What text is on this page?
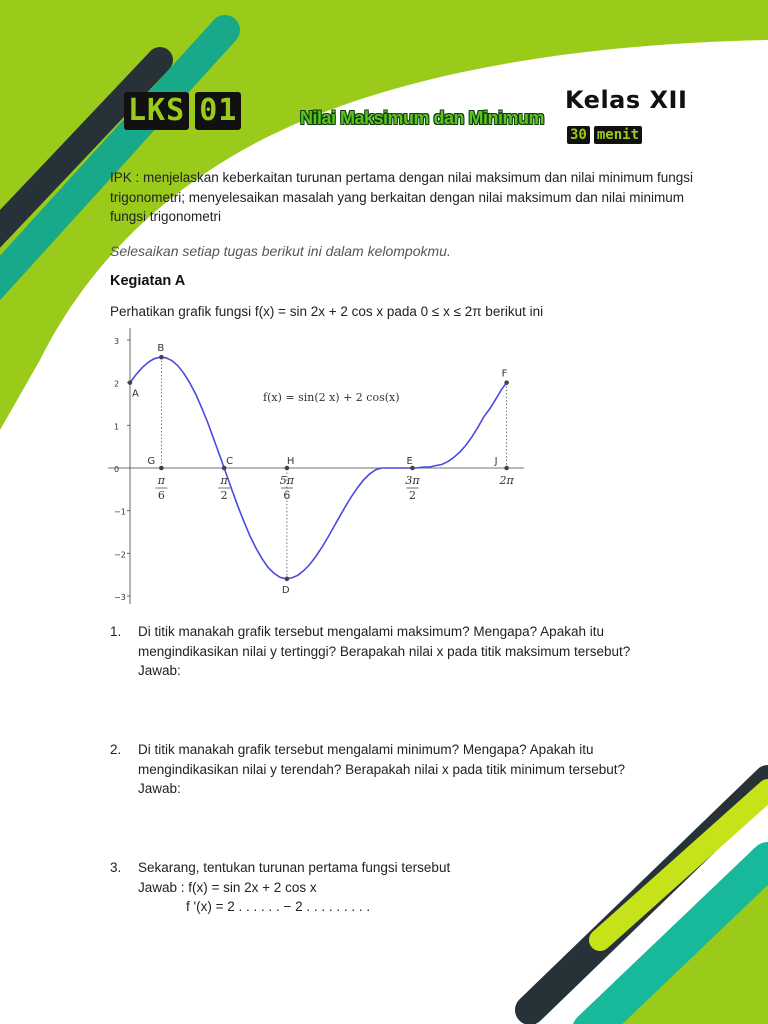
LKS 01	Nilai Maksimum dan Minimum
Kelas XII
30 menit
IPK : menjelaskan keberkaitan turunan pertama dengan nilai maksimum dan nilai minimum fungsi trigonometri; menyelesaikan masalah yang berkaitan dengan nilai maksimum dan nilai minimum fungsi trigonometri
Selesaikan setiap tugas berikut ini dalam kelompokmu.
Kegiatan A
Perhatikan grafik fungsi f(x) = sin 2x + 2 cos x pada 0 ≤ x ≤ 2π berikut ini
3
2
1
0
−1
−2
−3
A
B
C
D
E
F
G	H	J
π
6
π
2
5π
6
3π
2
2π
f(x) = sin(2 x) + 2 cos(x)
1. Di titik manakah grafik tersebut mengalami maksimum? Mengapa? Apakah itu
mengindikasikan nilai y tertinggi? Berapakah nilai x pada titik maksimum tersebut?
Jawab:
2. Di titik manakah grafik tersebut mengalami minimum? Mengapa? Apakah itu
mengindikasikan nilai y terendah? Berapakah nilai x pada titik minimum tersebut?
Jawab:
3. Sekarang, tentukan turunan pertama fungsi tersebut
Jawab : f(x) = sin 2x + 2 cos x
f '(x) = 2 . . . . . . − 2 . . . . . . . . .
